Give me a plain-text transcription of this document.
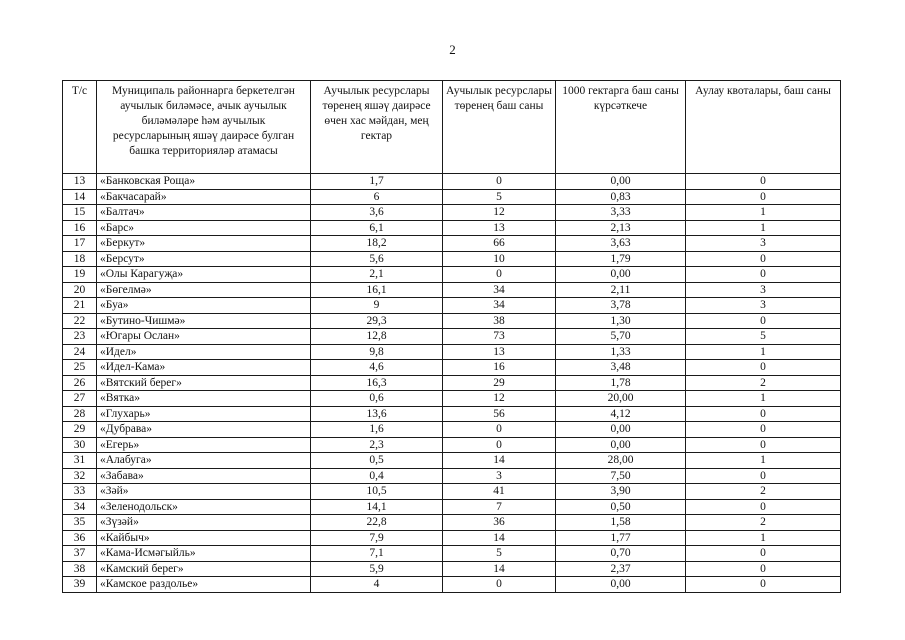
2
Т/с	Муниципаль районнарга беркетелгән аучылык биләмәсе, ачык аучылык биләмәләре һәм аучылык ресурсларының яшәү даирәсе булган башка территорияләр атамасы	Аучылык ресурслары төренең яшәү даирәсе өчен хас мәйдан, мең гектар	Аучылык ресурслары төренең баш саны	1000 гектарга баш саны күрсәткече	Аулау квоталары, баш саны
13	«Банковская Роща»	1,7	0	0,00	0
14	«Бакчасарай»	6	5	0,83	0
15	«Балтач»	3,6	12	3,33	1
16	«Барс»	6,1	13	2,13	1
17	«Беркут»	18,2	66	3,63	3
18	«Берсут»	5,6	10	1,79	0
19	«Олы Карагуҗа»	2,1	0	0,00	0
20	«Бөгелмә»	16,1	34	2,11	3
21	«Буа»	9	34	3,78	3
22	«Бутино-Чишмә»	29,3	38	1,30	0
23	«Югары Ослан»	12,8	73	5,70	5
24	«Идел»	9,8	13	1,33	1
25	«Идел-Кама»	4,6	16	3,48	0
26	«Вятский берег»	16,3	29	1,78	2
27	«Вятка»	0,6	12	20,00	1
28	«Глухарь»	13,6	56	4,12	0
29	«Дубрава»	1,6	0	0,00	0
30	«Егерь»	2,3	0	0,00	0
31	«Алабуга»	0,5	14	28,00	1
32	«Забава»	0,4	3	7,50	0
33	«Зәй»	10,5	41	3,90	2
34	«Зеленодольск»	14,1	7	0,50	0
35	«Зүзәй»	22,8	36	1,58	2
36	«Кайбыч»	7,9	14	1,77	1
37	«Кама-Исмәгыйль»	7,1	5	0,70	0
38	«Камский берег»	5,9	14	2,37	0
39	«Камское раздолье»	4	0	0,00	0
